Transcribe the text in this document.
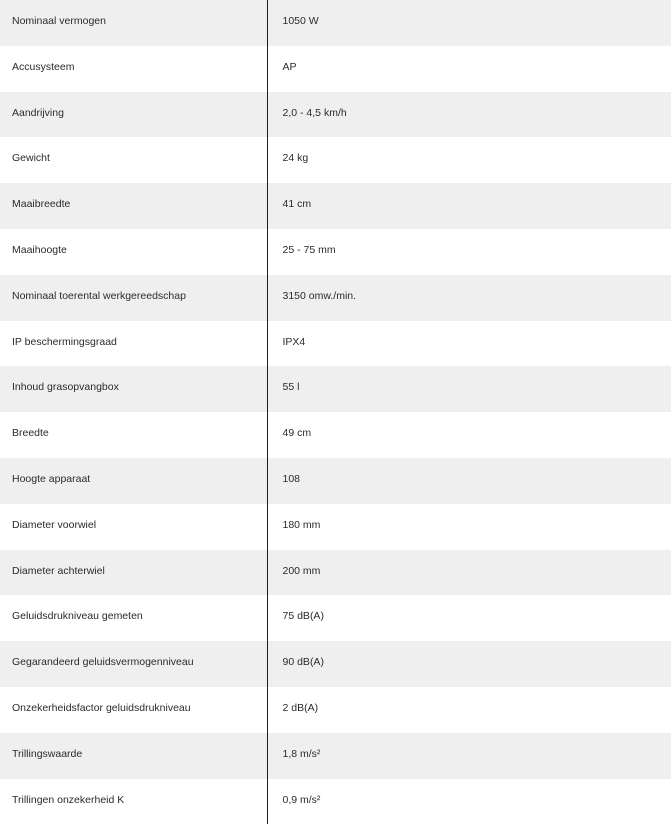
Nominaal vermogen	1050 W
Accusysteem	AP
Aandrijving	2,0 - 4,5 km/h
Gewicht	24 kg
Maaibreedte	41 cm
Maaihoogte	25 - 75 mm
Nominaal toerental werkgereedschap	3150 omw./min.
IP beschermingsgraad	IPX4
Inhoud grasopvangbox	55 l
Breedte	49 cm
Hoogte apparaat	108
Diameter voorwiel	180 mm
Diameter achterwiel	200 mm
Geluidsdrukniveau gemeten	75 dB(A)
Gegarandeerd geluidsvermogenniveau	90 dB(A)
Onzekerheidsfactor geluidsdrukniveau	2 dB(A)
Trillingswaarde	1,8 m/s²
Trillingen onzekerheid K	0,9 m/s²
